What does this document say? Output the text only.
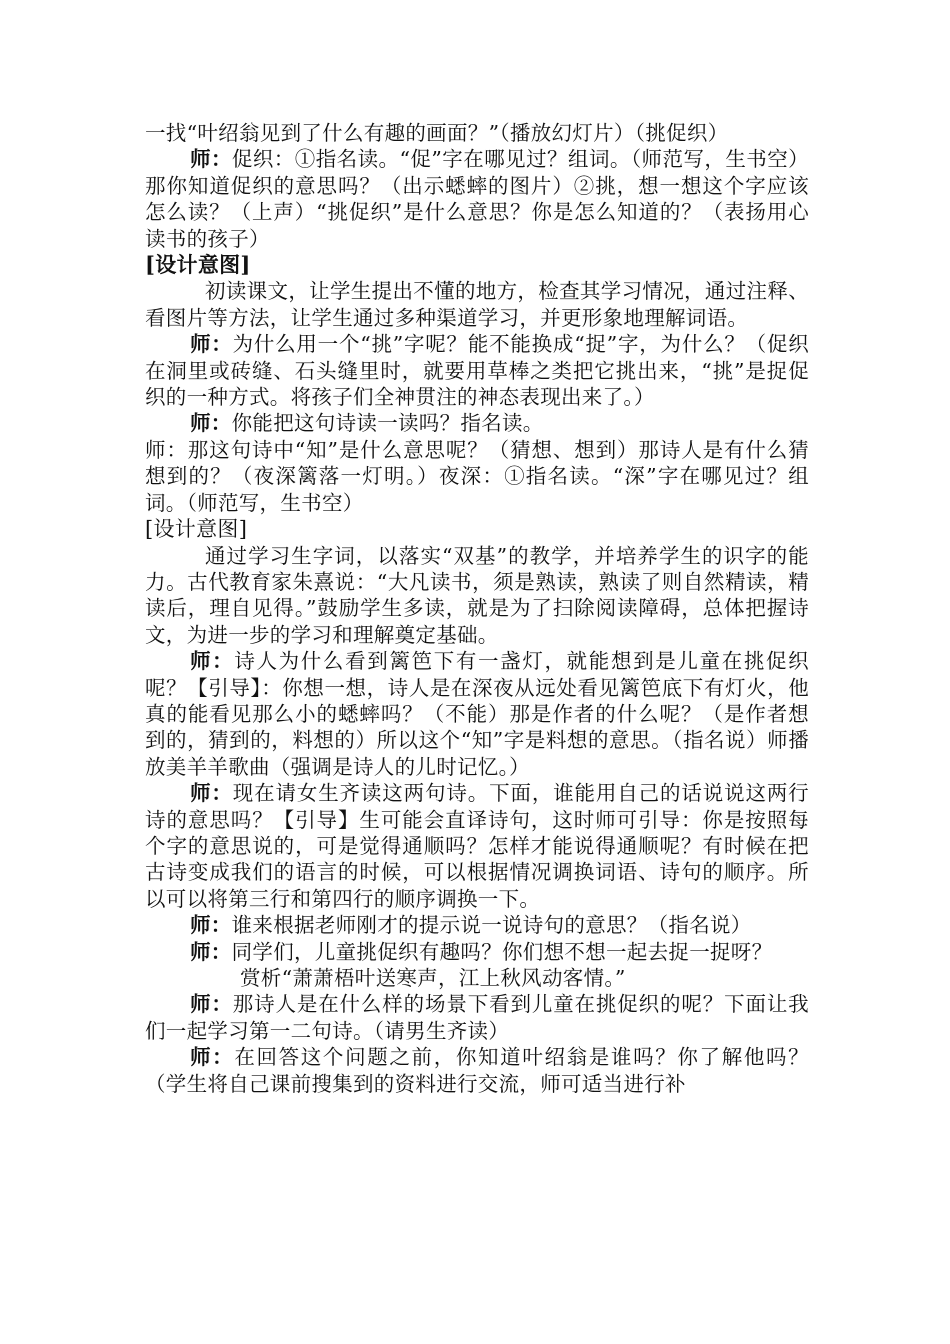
一找“叶绍翁见到了什么有趣的画面？”（播放幻灯片）（挑促织）

师：促织：①指名读。“促”字在哪见过？组词。（师范写，生书空）那你知道促织的意思吗？（出示蟋蟀的图片）②挑，想一想这个字应该怎么读？（上声）“挑促织”是什么意思？你是怎么知道的？（表扬用心读书的孩子）

[设计意图]

初读课文，让学生提出不懂的地方，检查其学习情况，通过注释、看图片等方法，让学生通过多种渠道学习，并更形象地理解词语。

师：为什么用一个“挑”字呢？能不能换成“捉”字，为什么？（促织在洞里或砖缝、石头缝里时，就要用草棒之类把它挑出来，“挑”是捉促织的一种方式。将孩子们全神贯注的神态表现出来了。）

师：你能把这句诗读一读吗？指名读。

师：那这句诗中“知”是什么意思呢？（猜想、想到）那诗人是有什么猜想到的？（夜深篱落一灯明。）夜深：①指名读。“深”字在哪见过？组词。（师范写，生书空）

[设计意图]

通过学习生字词，以落实“双基”的教学，并培养学生的识字的能力。古代教育家朱熹说：“大凡读书，须是熟读，熟读了则自然精读，精读后，理自见得。”鼓励学生多读，就是为了扫除阅读障碍，总体把握诗文，为进一步的学习和理解奠定基础。

师：诗人为什么看到篱笆下有一盏灯，就能想到是儿童在挑促织呢？【引导】：你想一想，诗人是在深夜从远处看见篱笆底下有灯火，他真的能看见那么小的蟋蟀吗？（不能）那是作者的什么呢？（是作者想到的，猜到的，料想的）所以这个“知”字是料想的意思。（指名说）师播放美羊羊歌曲（强调是诗人的儿时记忆。）

师：现在请女生齐读这两句诗。下面，谁能用自己的话说说这两行诗的意思吗？【引导】生可能会直译诗句，这时师可引导：你是按照每个字的意思说的，可是觉得通顺吗？怎样才能说得通顺呢？有时候在把古诗变成我们的语言的时候，可以根据情况调换词语、诗句的顺序。所以可以将第三行和第四行的顺序调换一下。

师：谁来根据老师刚才的提示说一说诗句的意思？（指名说）

师：同学们，儿童挑促织有趣吗？你们想不想一起去捉一捉呀？

赏析“萧萧梧叶送寒声，江上秋风动客情。”

师：那诗人是在什么样的场景下看到儿童在挑促织的呢？下面让我们一起学习第一二句诗。（请男生齐读）

师：在回答这个问题之前，你知道叶绍翁是谁吗？你了解他吗？（学生将自己课前搜集到的资料进行交流，师可适当进行补
